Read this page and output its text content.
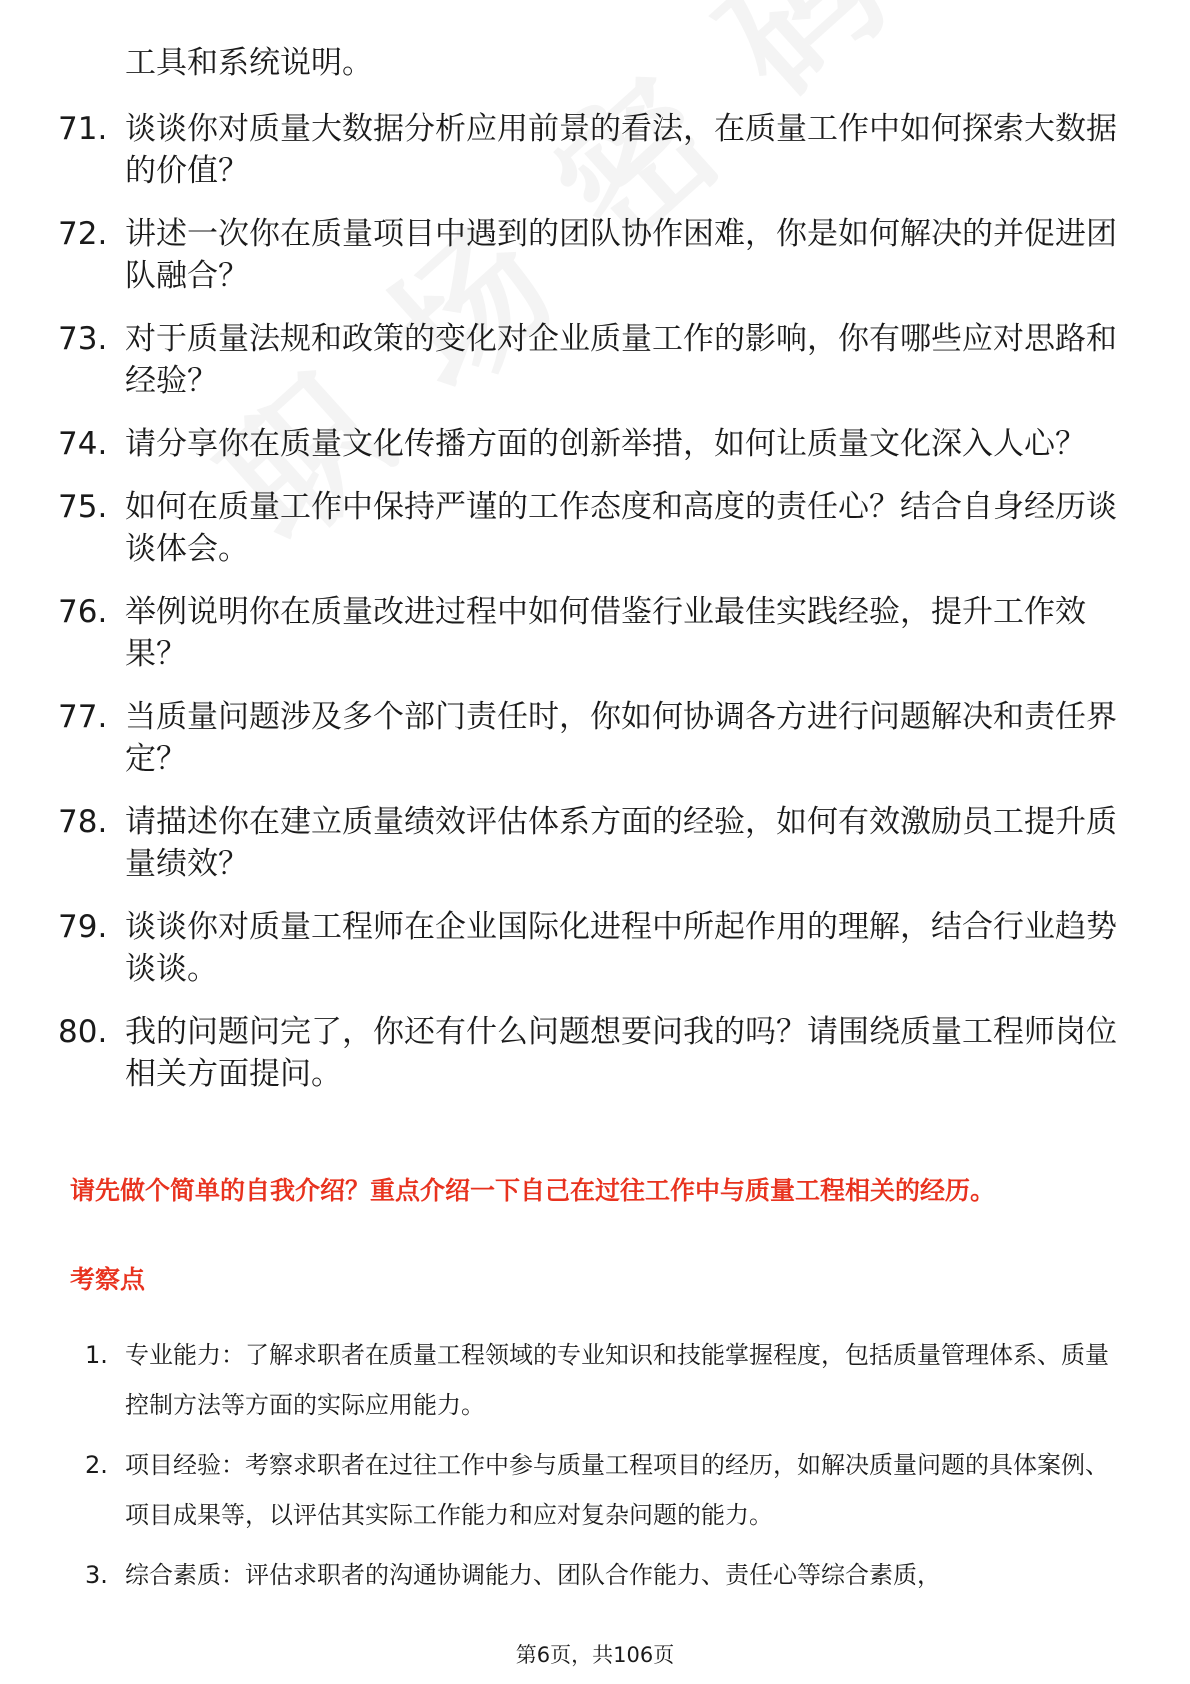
工具和系统说明。
71. 谈谈你对质量大数据分析应用前景的看法，在质量工作中如何探索大数据的价值？
72. 讲述一次你在质量项目中遇到的团队协作困难，你是如何解决的并促进团队融合？
73. 对于质量法规和政策的变化对企业质量工作的影响，你有哪些应对思路和经验？
74. 请分享你在质量文化传播方面的创新举措，如何让质量文化深入人心？
75. 如何在质量工作中保持严谨的工作态度和高度的责任心？结合自身经历谈谈体会。
76. 举例说明你在质量改进过程中如何借鉴行业最佳实践经验，提升工作效果？
77. 当质量问题涉及多个部门责任时，你如何协调各方进行问题解决和责任界定？
78. 请描述你在建立质量绩效评估体系方面的经验，如何有效激励员工提升质量绩效？
79. 谈谈你对质量工程师在企业国际化进程中所起作用的理解，结合行业趋势谈谈。
80. 我的问题问完了，你还有什么问题想要问我的吗？请围绕质量工程师岗位相关方面提问。
请先做个简单的自我介绍？重点介绍一下自己在过往工作中与质量工程相关的经历。
考察点
1. 专业能力：了解求职者在质量工程领域的专业知识和技能掌握程度，包括质量管理体系、质量控制方法等方面的实际应用能力。
2. 项目经验：考察求职者在过往工作中参与质量工程项目的经历，如解决质量问题的具体案例、项目成果等，以评估其实际工作能力和应对复杂问题的能力。
3. 综合素质：评估求职者的沟通协调能力、团队合作能力、责任心等综合素质，
第6页，共106页
